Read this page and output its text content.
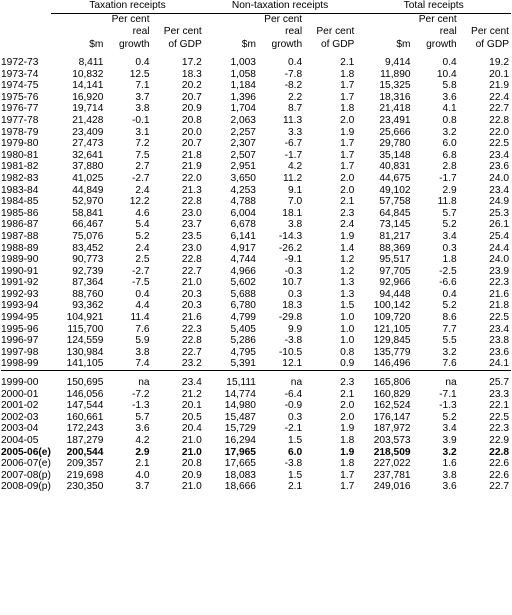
	Taxation receipts			Non-taxation receipts			Total receipts		
		Per cent			Per cent			Per cent	
		real	Per cent		real	Per cent		real	Per cent
	$m	growth	of GDP	$m	growth	of GDP	$m	growth	of GDP

1972-73	8,411	0.4	17.2	1,003	0.4	2.1	9,414	0.4	19.2
1973-74	10,832	12.5	18.3	1,058	-7.8	1.8	11,890	10.4	20.1
1974-75	14,141	7.1	20.2	1,184	-8.2	1.7	15,325	5.8	21.9
1975-76	16,920	3.7	20.7	1,396	2.2	1.7	18,316	3.6	22.4
1976-77	19,714	3.8	20.9	1,704	8.7	1.8	21,418	4.1	22.7
1977-78	21,428	-0.1	20.8	2,063	11.3	2.0	23,491	0.8	22.8
1978-79	23,409	3.1	20.0	2,257	3.3	1.9	25,666	3.2	22.0
1979-80	27,473	7.2	20.7	2,307	-6.7	1.7	29,780	6.0	22.5
1980-81	32,641	7.5	21.8	2,507	-1.7	1.7	35,148	6.8	23.4
1981-82	37,880	2.7	21.9	2,951	4.2	1.7	40,831	2.8	23.6
1982-83	41,025	-2.7	22.0	3,650	11.2	2.0	44,675	-1.7	24.0
1983-84	44,849	2.4	21.3	4,253	9.1	2.0	49,102	2.9	23.4
1984-85	52,970	12.2	22.8	4,788	7.0	2.1	57,758	11.8	24.9
1985-86	58,841	4.6	23.0	6,004	18.1	2.3	64,845	5.7	25.3
1986-87	66,467	5.4	23.7	6,678	3.8	2.4	73,145	5.2	26.1
1987-88	75,076	5.2	23.5	6,141	-14.3	1.9	81,217	3.4	25.4
1988-89	83,452	2.4	23.0	4,917	-26.2	1.4	88,369	0.3	24.4
1989-90	90,773	2.5	22.8	4,744	-9.1	1.2	95,517	1.8	24.0
1990-91	92,739	-2.7	22.7	4,966	-0.3	1.2	97,705	-2.5	23.9
1991-92	87,364	-7.5	21.0	5,602	10.7	1.3	92,966	-6.6	22.3
1992-93	88,760	0.4	20.3	5,688	0.3	1.3	94,448	0.4	21.6
1993-94	93,362	4.4	20.3	6,780	18.3	1.5	100,142	5.2	21.8
1994-95	104,921	11.4	21.6	4,799	-29.8	1.0	109,720	8.6	22.5
1995-96	115,700	7.6	22.3	5,405	9.9	1.0	121,105	7.7	23.4
1996-97	124,559	5.9	22.8	5,286	-3.8	1.0	129,845	5.5	23.8
1997-98	130,984	3.8	22.7	4,795	-10.5	0.8	135,779	3.2	23.6
1998-99	141,105	7.4	23.2	5,391	12.1	0.9	146,496	7.6	24.1

1999-00	150,695	na	23.4	15,111	na	2.3	165,806	na	25.7
2000-01	146,056	-7.2	21.2	14,774	-6.4	2.1	160,829	-7.1	23.3
2001-02	147,544	-1.3	20.1	14,980	-0.9	2.0	162,524	-1.3	22.1
2002-03	160,661	5.7	20.5	15,487	0.3	2.0	176,147	5.2	22.5
2003-04	172,243	3.6	20.4	15,729	-2.1	1.9	187,972	3.4	22.3
2004-05	187,279	4.2	21.0	16,294	1.5	1.8	203,573	3.9	22.9
2005-06(e)	200,544	2.9	21.0	17,965	6.0	1.9	218,509	3.2	22.8
2006-07(e)	209,357	2.1	20.8	17,665	-3.8	1.8	227,022	1.6	22.6
2007-08(p)	219,698	4.0	20.9	18,083	1.5	1.7	237,781	3.8	22.6
2008-09(p)	230,350	3.7	21.0	18,666	2.1	1.7	249,016	3.6	22.7
